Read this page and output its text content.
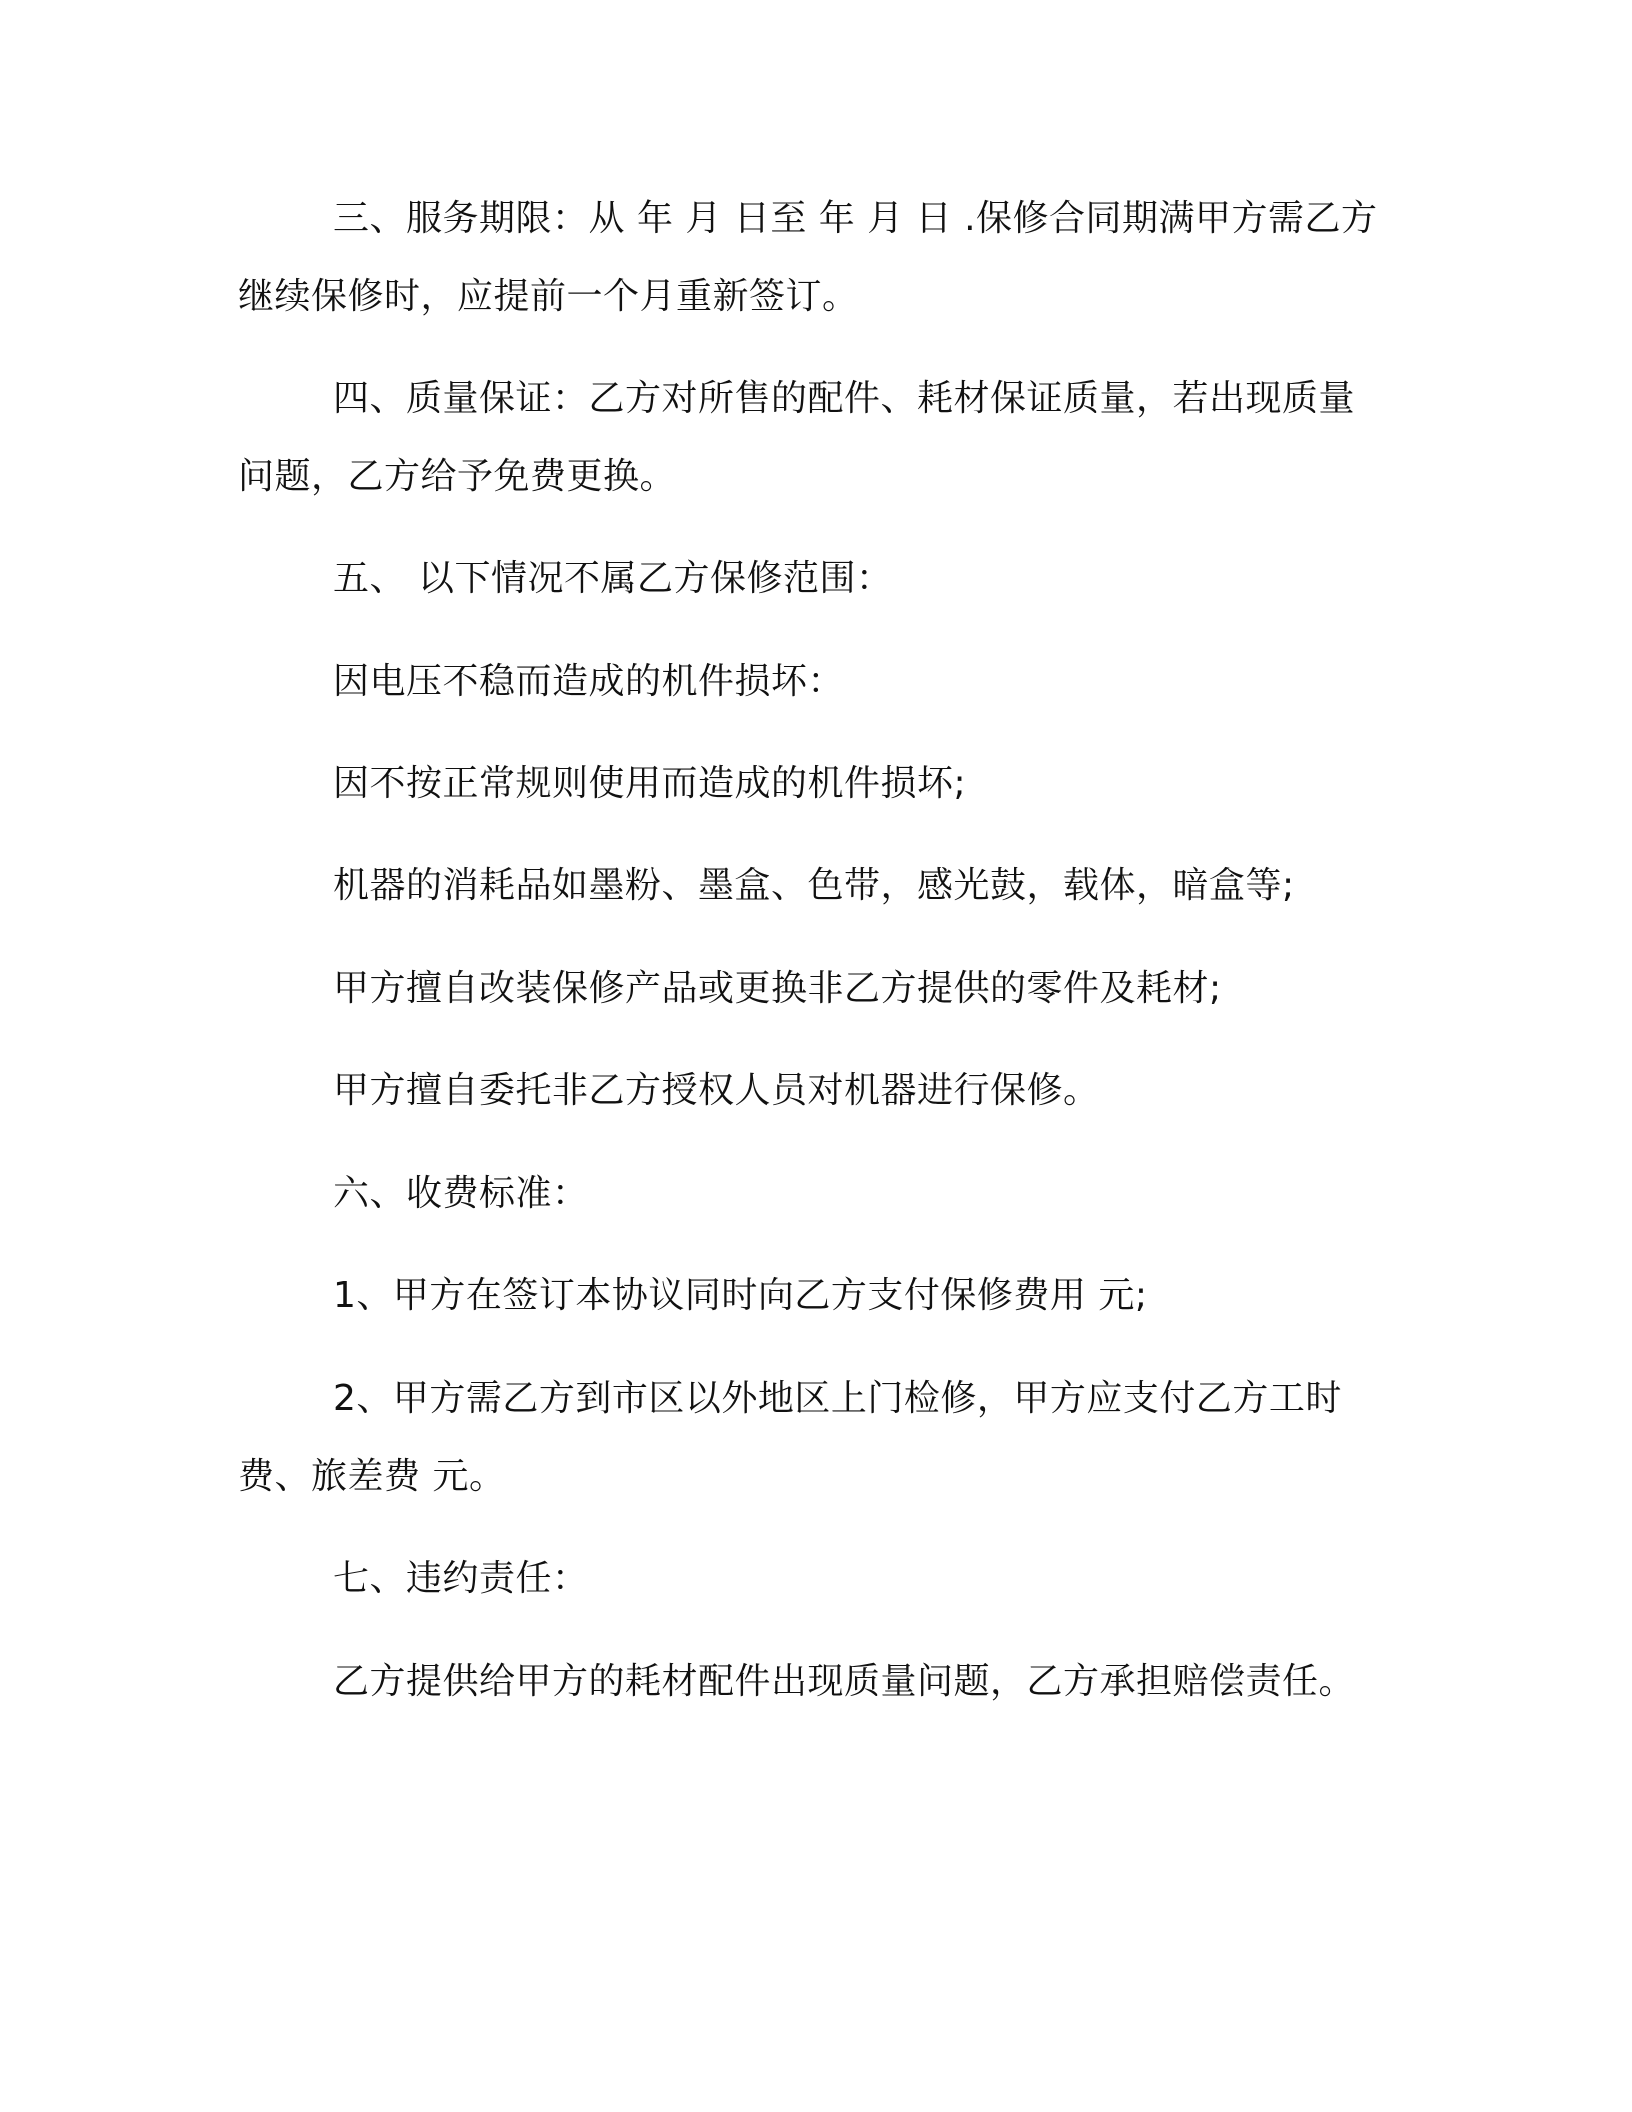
三、服务期限：从 年 月 日至 年 月 日 .保修合同期满甲方需乙方
继续保修时，应提前一个月重新签订。
四、质量保证：乙方对所售的配件、耗材保证质量，若出现质量
问题，乙方给予免费更换。
五、 以下情况不属乙方保修范围：
因电压不稳而造成的机件损坏：
因不按正常规则使用而造成的机件损坏;
机器的消耗品如墨粉、墨盒、色带，感光鼓，载体，暗盒等;
甲方擅自改装保修产品或更换非乙方提供的零件及耗材;
甲方擅自委托非乙方授权人员对机器进行保修。
六、收费标准：
1、甲方在签订本协议同时向乙方支付保修费用 元;
2、甲方需乙方到市区以外地区上门检修，甲方应支付乙方工时
费、旅差费 元。
七、违约责任：
乙方提供给甲方的耗材配件出现质量问题，乙方承担赔偿责任。
